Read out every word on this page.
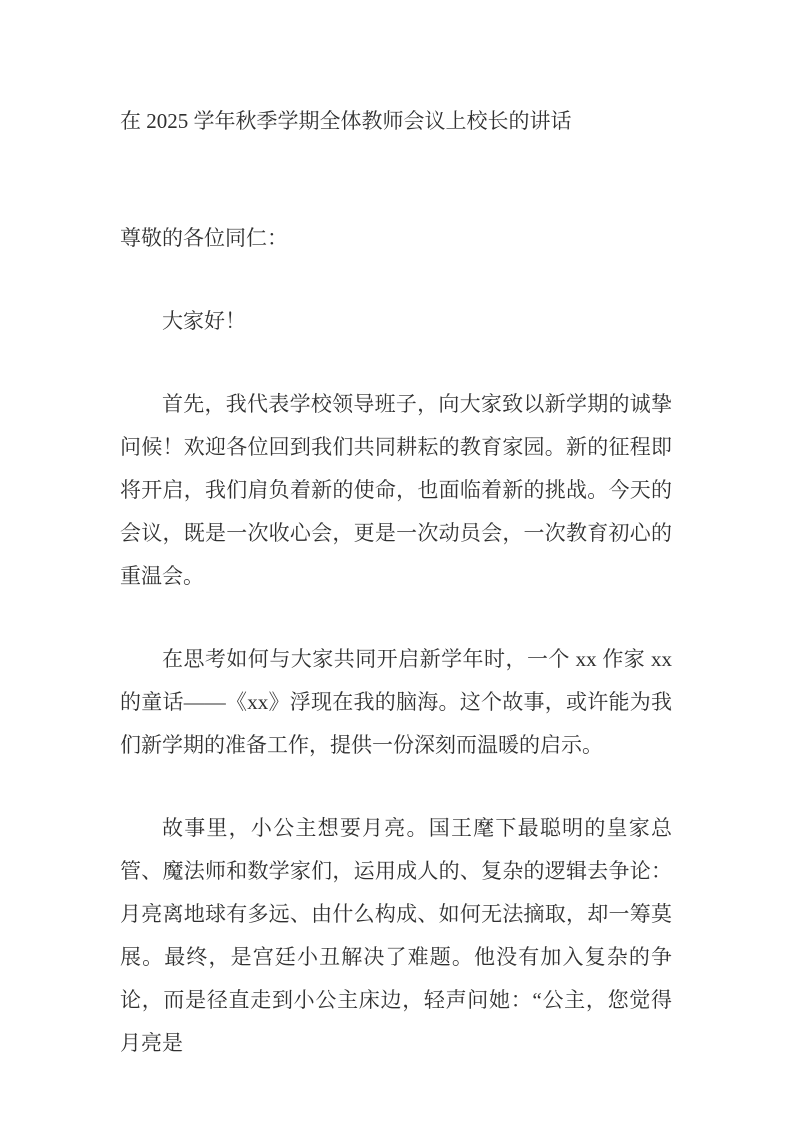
在 2025 学年秋季学期全体教师会议上校长的讲话

尊敬的各位同仁：

大家好！

首先，我代表学校领导班子，向大家致以新学期的诚挚问候！欢迎各位回到我们共同耕耘的教育家园。新的征程即将开启，我们肩负着新的使命，也面临着新的挑战。今天的会议，既是一次收心会，更是一次动员会，一次教育初心的重温会。

在思考如何与大家共同开启新学年时，一个 xx 作家 xx 的童话——《xx》浮现在我的脑海。这个故事，或许能为我们新学期的准备工作，提供一份深刻而温暖的启示。

故事里，小公主想要月亮。国王麾下最聪明的皇家总管、魔法师和数学家们，运用成人的、复杂的逻辑去争论：月亮离地球有多远、由什么构成、如何无法摘取，却一筹莫展。最终，是宫廷小丑解决了难题。他没有加入复杂的争论，而是径直走到小公主床边，轻声问她：“公主，您觉得月亮是
